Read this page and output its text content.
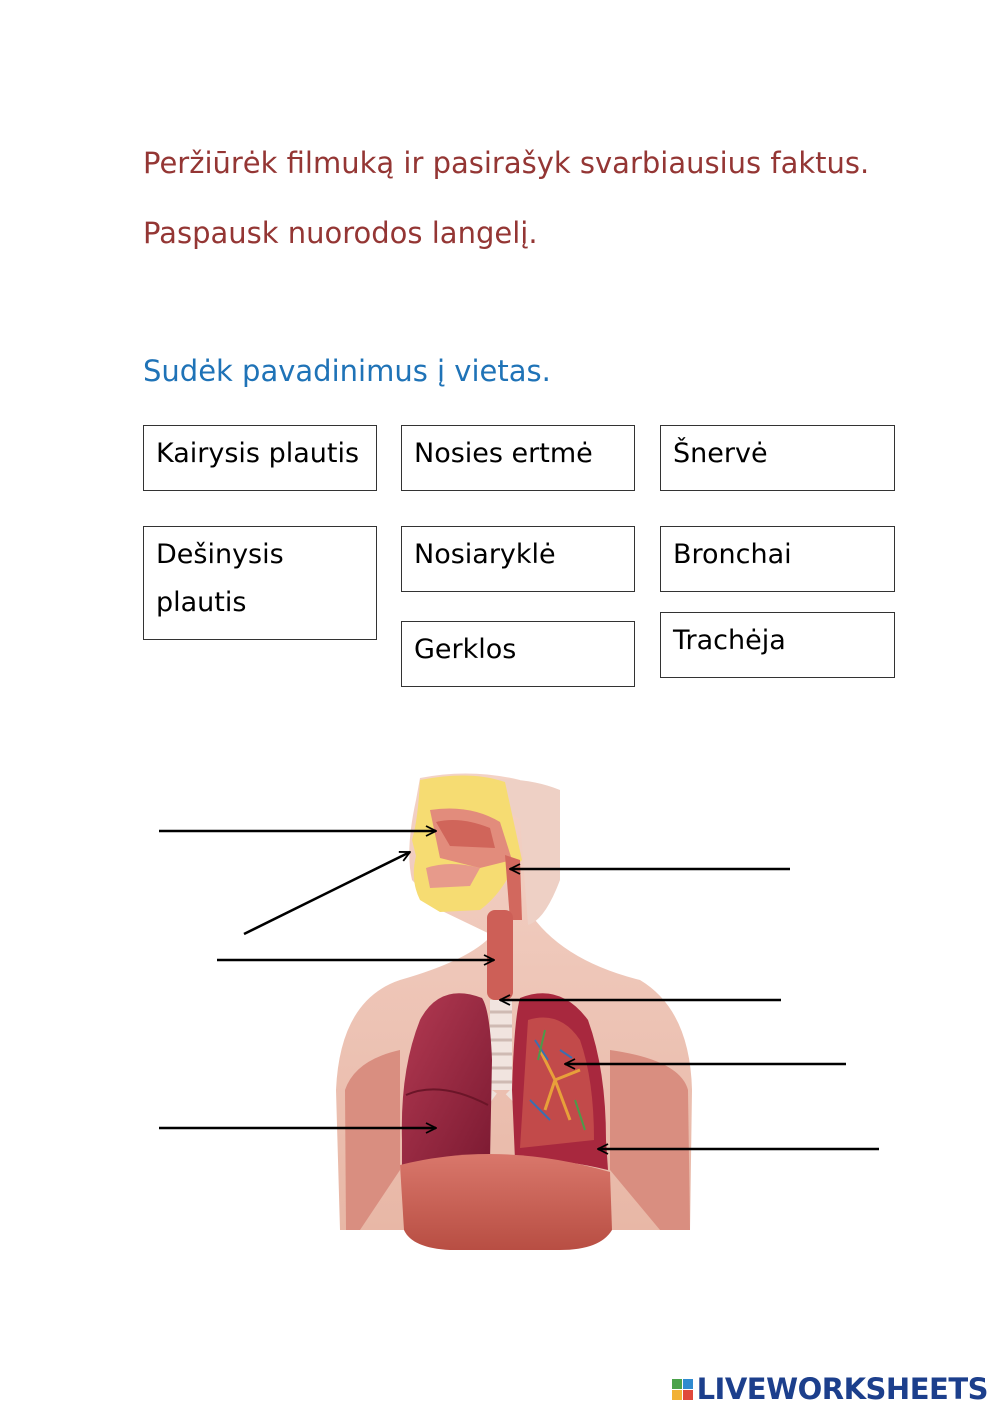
Peržiūrėk filmuką ir pasirašyk svarbiausius faktus.

Paspausk nuorodos langelį.

Sudėk pavadinimus į vietas.

Kairysis plautis Nosies ertmė	Šnervė
Dešinysis plautis
Nosiaryklė	Bronchai
Gerklos	Trachėja
LIVEWORKSHEETS
